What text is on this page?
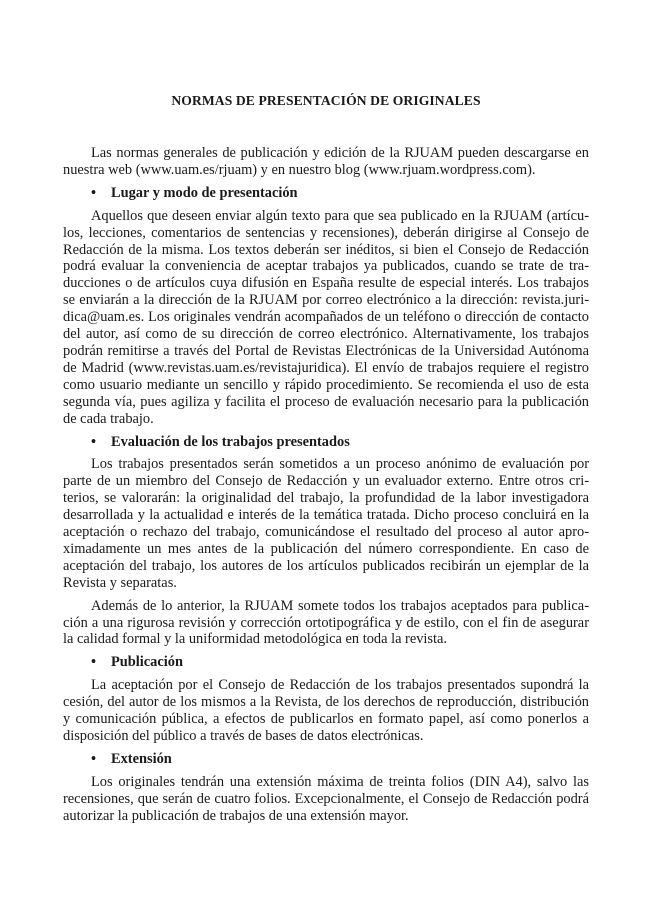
NORMAS DE PRESENTACIÓN DE ORIGINALES

Las normas generales de publicación y edición de la RJUAM pueden descargarse en nuestra web (www.uam.es/rjuam) y en nuestro blog (www.rjuam.wordpress.com).

•	Lugar y modo de presentación

Aquellos que deseen enviar algún texto para que sea publicado en la RJUAM (artículos, lecciones, comentarios de sentencias y recensiones), deberán dirigirse al Consejo de Redacción de la misma. Los textos deberán ser inéditos, si bien el Consejo de Redacción podrá evaluar la conveniencia de aceptar trabajos ya publicados, cuando se trate de traducciones o de artículos cuya difusión en España resulte de especial interés. Los trabajos se enviarán a la dirección de la RJUAM por correo electrónico a la dirección: revista.juridica@uam.es. Los originales vendrán acompañados de un teléfono o dirección de contacto del autor, así como de su dirección de correo electrónico. Alternativamente, los trabajos podrán remitirse a través del Portal de Revistas Electrónicas de la Universidad Autónoma de Madrid (www.revistas.uam.es/revistajuridica). El envío de trabajos requiere el registro como usuario mediante un sencillo y rápido procedimiento. Se recomienda el uso de esta segunda vía, pues agiliza y facilita el proceso de evaluación necesario para la publicación de cada trabajo.

•	Evaluación de los trabajos presentados

Los trabajos presentados serán sometidos a un proceso anónimo de evaluación por parte de un miembro del Consejo de Redacción y un evaluador externo. Entre otros criterios, se valorarán: la originalidad del trabajo, la profundidad de la labor investigadora desarrollada y la actualidad e interés de la temática tratada. Dicho proceso concluirá en la aceptación o rechazo del trabajo, comunicándose el resultado del proceso al autor aproximadamente un mes antes de la publicación del número correspondiente. En caso de aceptación del trabajo, los autores de los artículos publicados recibirán un ejemplar de la Revista y separatas.

Además de lo anterior, la RJUAM somete todos los trabajos aceptados para publicación a una rigurosa revisión y corrección ortotipográfica y de estilo, con el fin de asegurar la calidad formal y la uniformidad metodológica en toda la revista.

•	Publicación

La aceptación por el Consejo de Redacción de los trabajos presentados supondrá la cesión, del autor de los mismos a la Revista, de los derechos de reproducción, distribución y comunicación pública, a efectos de publicarlos en formato papel, así como ponerlos a disposición del público a través de bases de datos electrónicas.

•	Extensión

Los originales tendrán una extensión máxima de treinta folios (DIN A4), salvo las recensiones, que serán de cuatro folios. Excepcionalmente, el Consejo de Redacción podrá autorizar la publicación de trabajos de una extensión mayor.
